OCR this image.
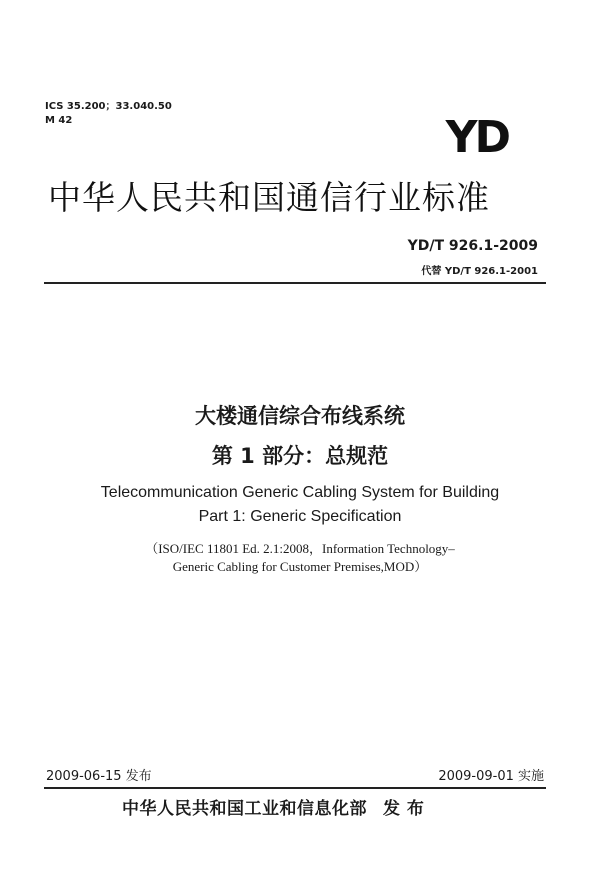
ICS 35.200；33.040.50
M 42	YD
中华人民共和国通信行业标准
YD/T 926.1-2009
代替 YD/T 926.1-2001
大楼通信综合布线系统
第 1 部分：总规范
Telecommunication Generic Cabling System for Building
Part 1: Generic Specification
（ISO/IEC 11801 Ed. 2.1:2008，Information Technology–
Generic Cabling for Customer Premises,MOD）
2009-06-15 发布	2009-09-01 实施
中华人民共和国工业和信息化部 发 布
